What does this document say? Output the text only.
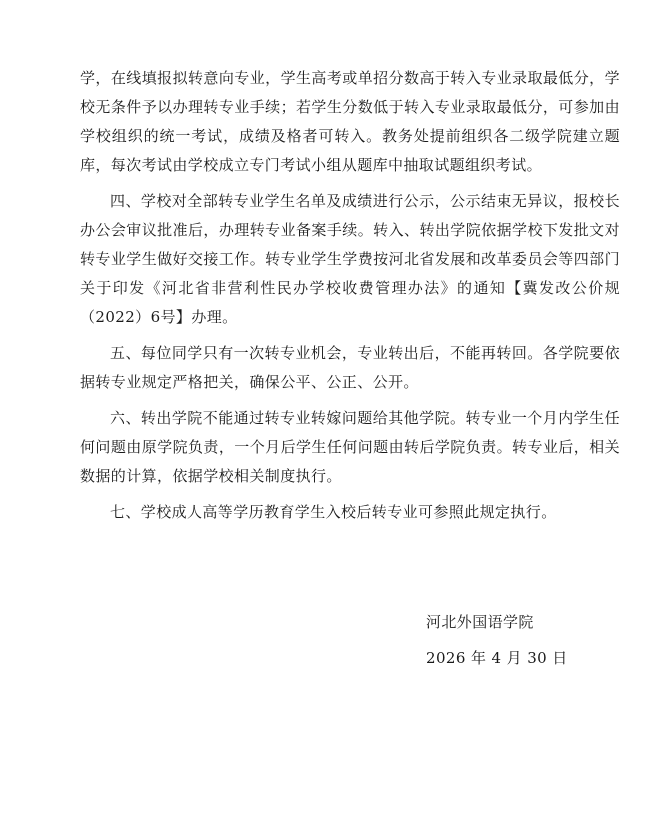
学，在线填报拟转意向专业，学生高考或单招分数高于转入专业录取最低分，学校无条件予以办理转专业手续；若学生分数低于转入专业录取最低分，可参加由学校组织的统一考试，成绩及格者可转入。教务处提前组织各二级学院建立题库，每次考试由学校成立专门考试小组从题库中抽取试题组织考试。

四、学校对全部转专业学生名单及成绩进行公示，公示结束无异议，报校长办公会审议批准后，办理转专业备案手续。转入、转出学院依据学校下发批文对转专业学生做好交接工作。转专业学生学费按河北省发展和改革委员会等四部门关于印发《河北省非营利性民办学校收费管理办法》的通知【冀发改公价规（2022）6号】办理。

五、每位同学只有一次转专业机会，专业转出后，不能再转回。各学院要依据转专业规定严格把关，确保公平、公正、公开。

六、转出学院不能通过转专业转嫁问题给其他学院。转专业一个月内学生任何问题由原学院负责，一个月后学生任何问题由转后学院负责。转专业后，相关数据的计算，依据学校相关制度执行。

七、学校成人高等学历教育学生入校后转专业可参照此规定执行。

河北外国语学院
2026 年 4 月 30 日
